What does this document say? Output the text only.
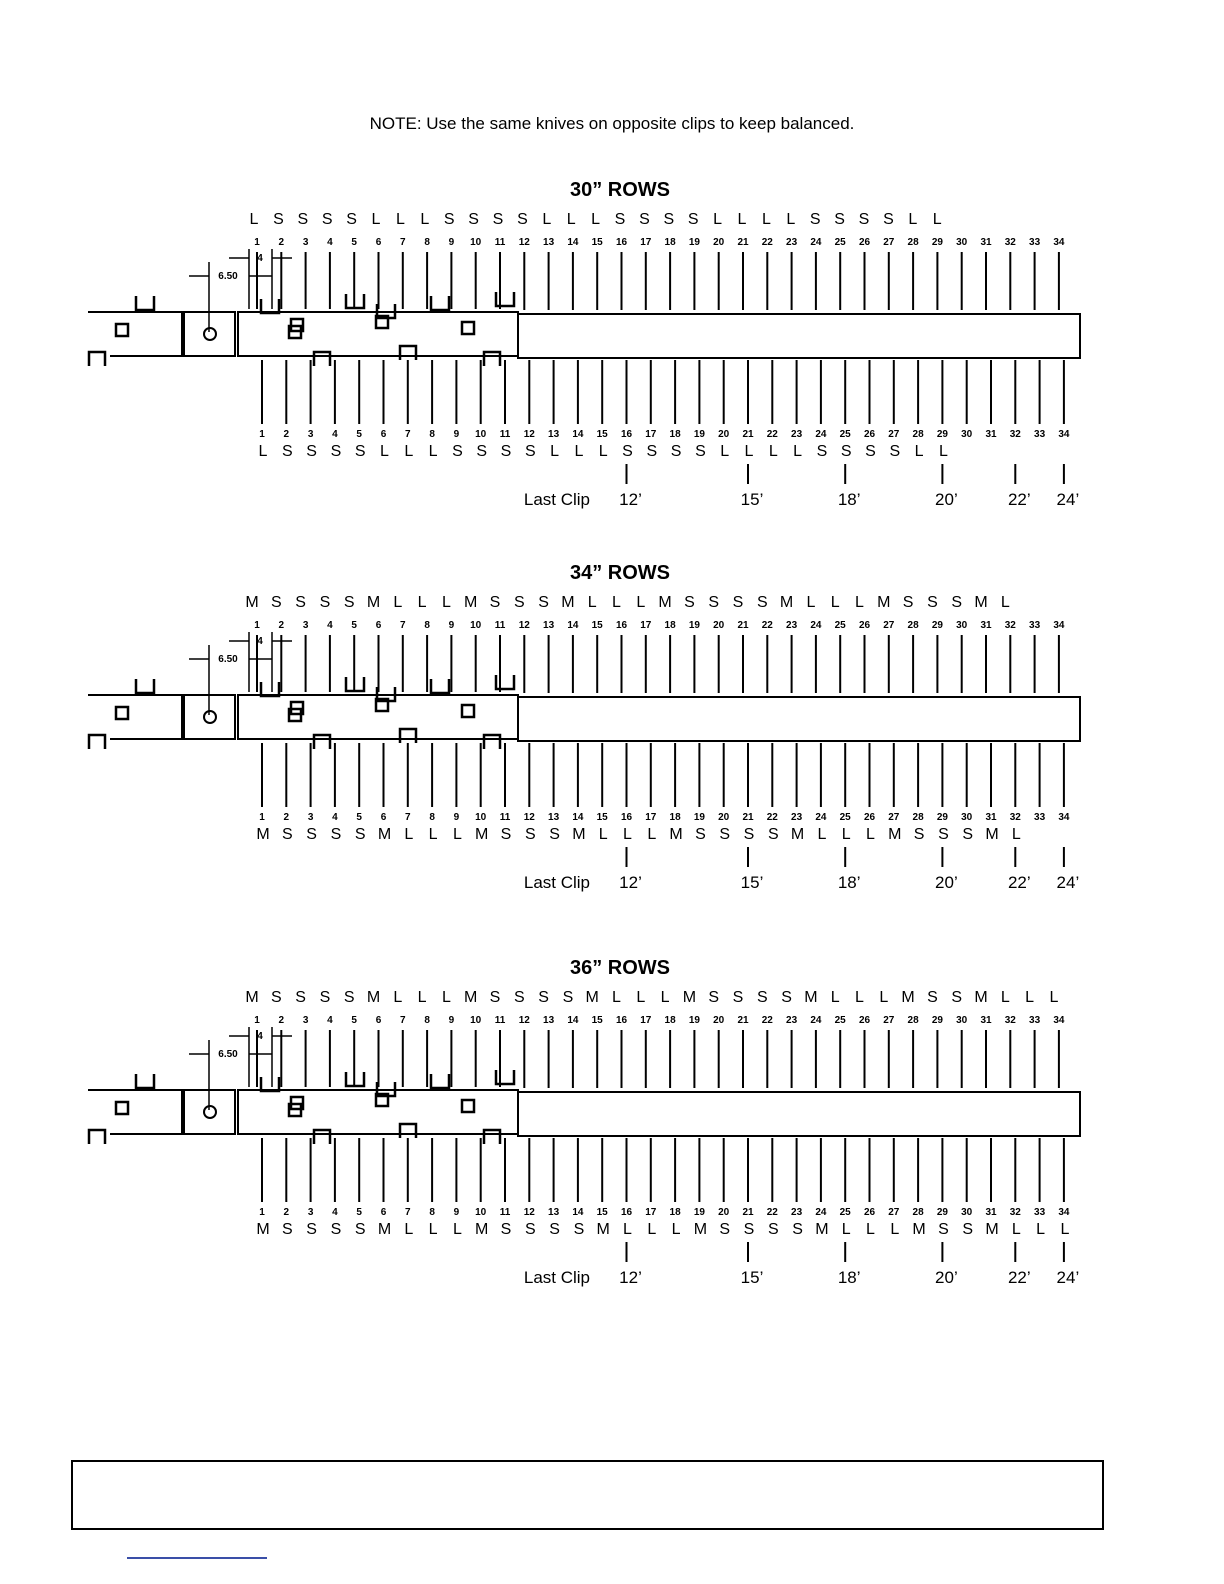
NOTE: Use the same knives on opposite clips to keep balanced.
30” ROWS
L S S S S L L L S S S S L L L S S S S L L L L S S S S L L
1 2 3 4 5 6 7 8 9 10 11 12 13 14 15 16 17 18 19 20 21 22 23 24 25 26 27 28 29 30 31 32 33 34
4
6.50
1 2 3 4 5 6 7 8 9 10 11 12 13 14 15 16 17 18 19 20 21 22 23 24 25 26 27 28 29 30 31 32 33 34
L S S S S L L L S S S S L L L S S S S L L L L S S S S L L
Last Clip 12’	15’	18’	20’	22’ 24’
34” ROWS
M S S S S M L L L M S S S M L L L M S S S S M L L L M S S S M L
1 2 3 4 5 6 7 8 9 10 11 12 13 14 15 16 17 18 19 20 21 22 23 24 25 26 27 28 29 30 31 32 33 34
4
6.50
1 2 3 4 5 6 7 8 9 10 11 12 13 14 15 16 17 18 19 20 21 22 23 24 25 26 27 28 29 30 31 32 33 34
M S S S S M L L L M S S S M L L L M S S S S M L L L M S S S M L
Last Clip 12’	15’	18’	20’	22’ 24’
36” ROWS
M S S S S M L L L M S S S S M L L L M S S S S M L L L M S S M L L L
1 2 3 4 5 6 7 8 9 10 11 12 13 14 15 16 17 18 19 20 21 22 23 24 25 26 27 28 29 30 31 32 33 34
4
6.50
1 2 3 4 5 6 7 8 9 10 11 12 13 14 15 16 17 18 19 20 21 22 23 24 25 26 27 28 29 30 31 32 33 34
M S S S S M L L L M S S S S M L L L M S S S S M L L L M S S M L L L
Last Clip 12’	15’	18’	20’	22’ 24’
